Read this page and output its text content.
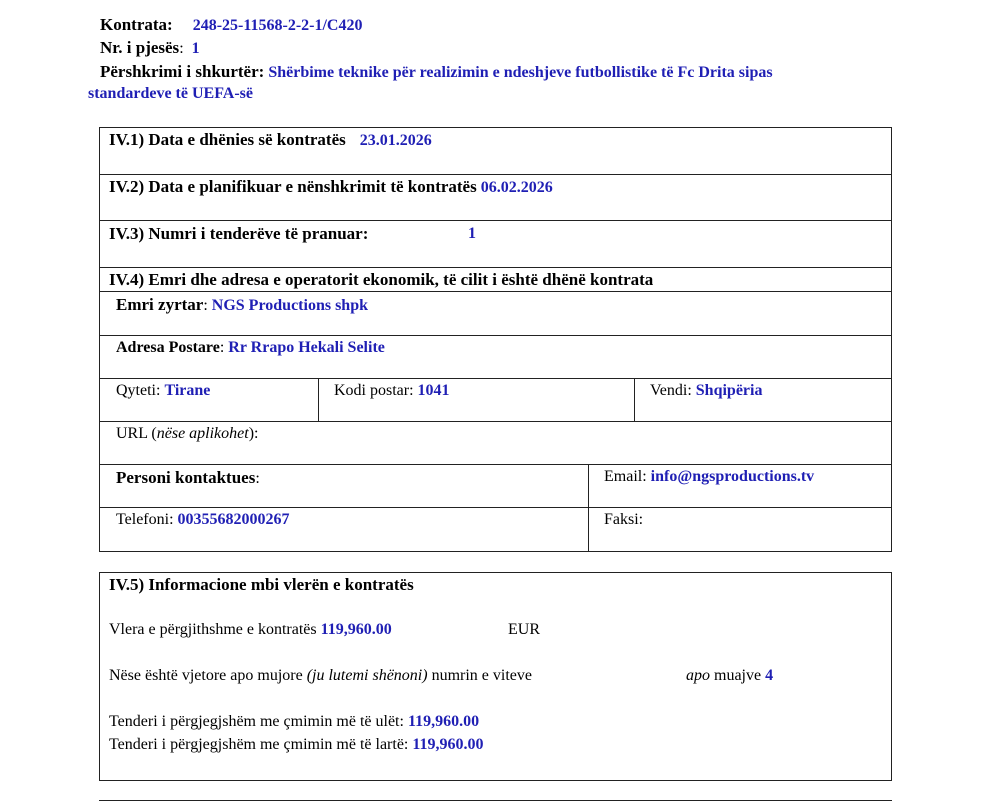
Kontrata: 248-25-11568-2-2-1/C420
Nr. i pjesës: 1
Përshkrimi i shkurtër: Shërbime teknike për realizimin e ndeshjeve futbollistike të Fc Drita sipas
standardeve të UEFA-së
IV.1) Data e dhënies së kontratës 23.01.2026
IV.2) Data e planifikuar e nënshkrimit të kontratës 06.02.2026
IV.3) Numri i tenderëve të pranuar:	1
IV.4) Emri dhe adresa e operatorit ekonomik, të cilit i është dhënë kontrata
Emri zyrtar: NGS Productions shpk
Adresa Postare: Rr Rrapo Hekali Selite
Qyteti: Tirane	Kodi postar: 1041	Vendi: Shqipëria
URL (nëse aplikohet):
Personi kontaktues:	Email: info@ngsproductions.tv
Telefoni: 00355682000267	Faksi:
IV.5) Informacione mbi vlerën e kontratës
Vlera e përgjithshme e kontratës 119,960.00	EUR
Nëse është vjetore apo mujore (ju lutemi shënoni) numrin e viteve	apo muajve 4
Tenderi i përgjegjshëm me çmimin më të ulët: 119,960.00
Tenderi i përgjegjshëm me çmimin më të lartë: 119,960.00
